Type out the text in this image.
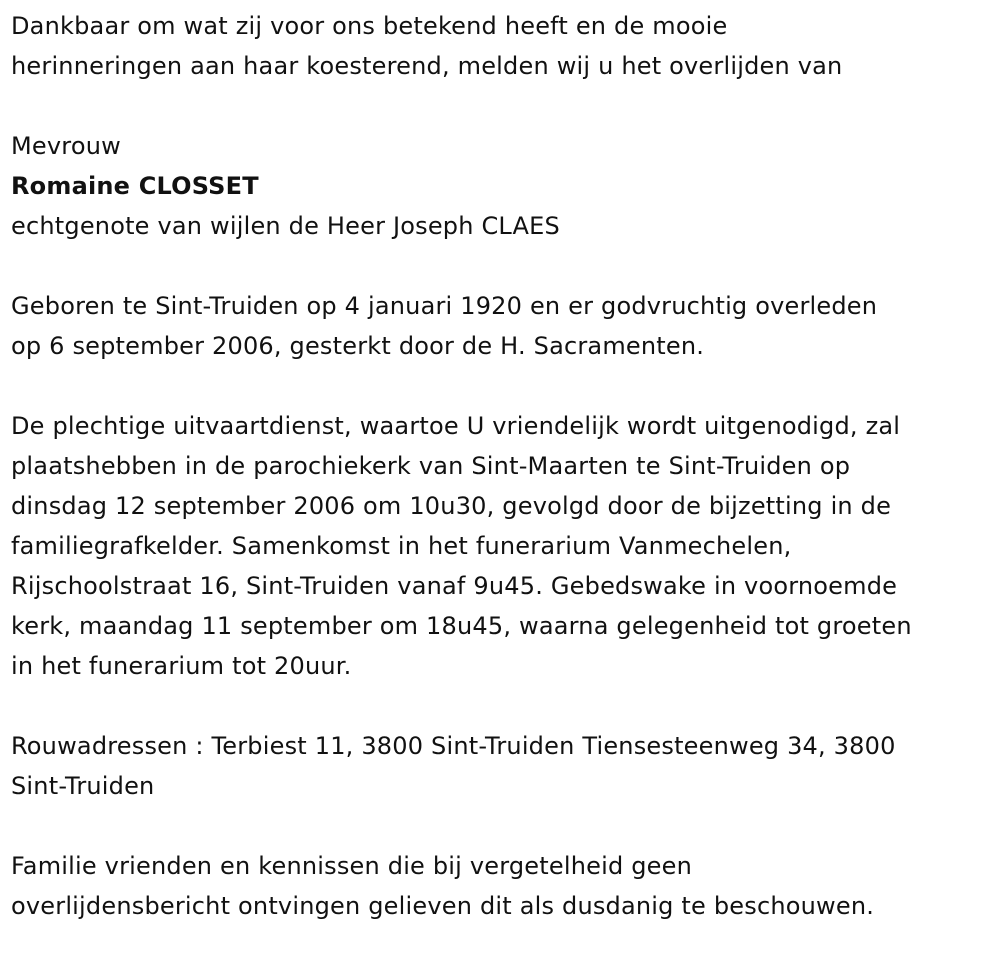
Dankbaar om wat zij voor ons betekend heeft en de mooie
herinneringen aan haar koesterend, melden wij u het overlijden van
Mevrouw
Romaine CLOSSET
echtgenote van wijlen de Heer Joseph CLAES
Geboren te Sint-Truiden op 4 januari 1920 en er godvruchtig overleden
op 6 september 2006, gesterkt door de H. Sacramenten.
De plechtige uitvaartdienst, waartoe U vriendelijk wordt uitgenodigd, zal
plaatshebben in de parochiekerk van Sint-Maarten te Sint-Truiden op
dinsdag 12 september 2006 om 10u30, gevolgd door de bijzetting in de
familiegrafkelder. Samenkomst in het funerarium Vanmechelen,
Rijschoolstraat 16, Sint-Truiden vanaf 9u45. Gebedswake in voornoemde
kerk, maandag 11 september om 18u45, waarna gelegenheid tot groeten
in het funerarium tot 20uur.
Rouwadressen : Terbiest 11, 3800 Sint-Truiden Tiensesteenweg 34, 3800
Sint-Truiden
Familie vrienden en kennissen die bij vergetelheid geen
overlijdensbericht ontvingen gelieven dit als dusdanig te beschouwen.
